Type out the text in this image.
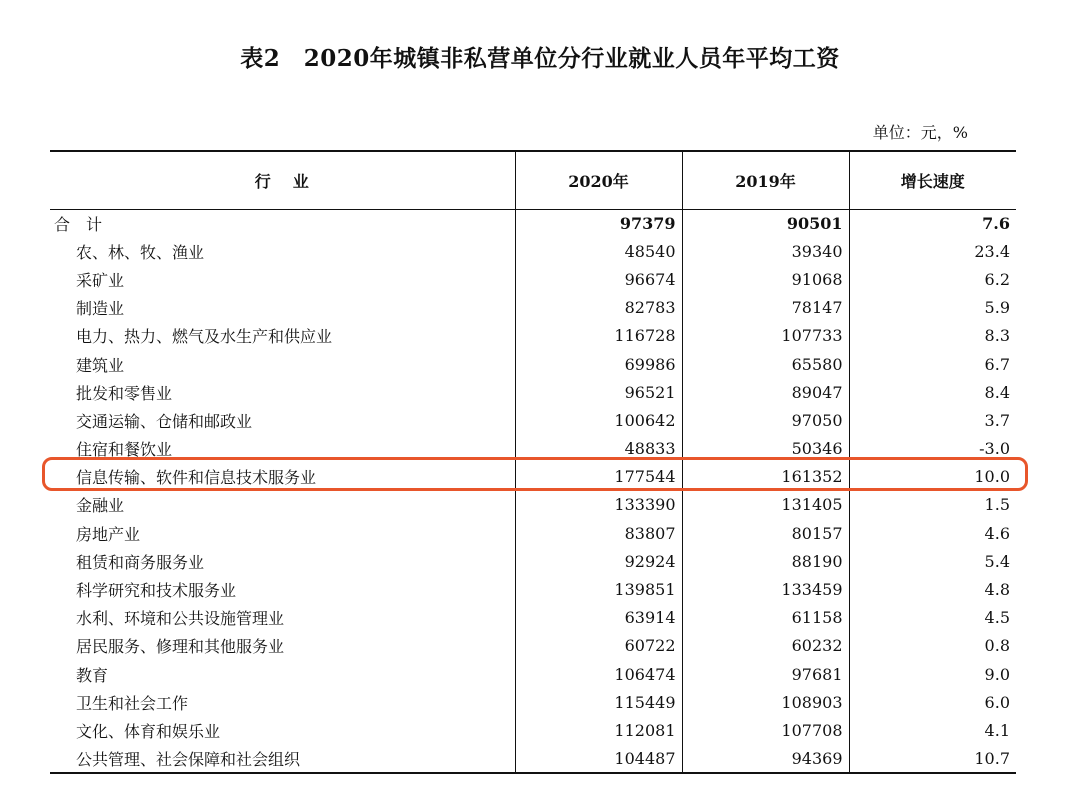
表2　2020年城镇非私营单位分行业就业人员年平均工资
单位：元，%
行业	2020年	2019年	增长速度
合计	97379	90501	7.6
农、林、牧、渔业	48540	39340	23.4
采矿业	96674	91068	6.2
制造业	82783	78147	5.9
电力、热力、燃气及水生产和供应业	116728	107733	8.3
建筑业	69986	65580	6.7
批发和零售业	96521	89047	8.4
交通运输、仓储和邮政业	100642	97050	3.7
住宿和餐饮业	48833	50346	-3.0
信息传输、软件和信息技术服务业	177544	161352	10.0
金融业	133390	131405	1.5
房地产业	83807	80157	4.6
租赁和商务服务业	92924	88190	5.4
科学研究和技术服务业	139851	133459	4.8
水利、环境和公共设施管理业	63914	61158	4.5
居民服务、修理和其他服务业	60722	60232	0.8
教育	106474	97681	9.0
卫生和社会工作	115449	108903	6.0
文化、体育和娱乐业	112081	107708	4.1
公共管理、社会保障和社会组织	104487	94369	10.7
